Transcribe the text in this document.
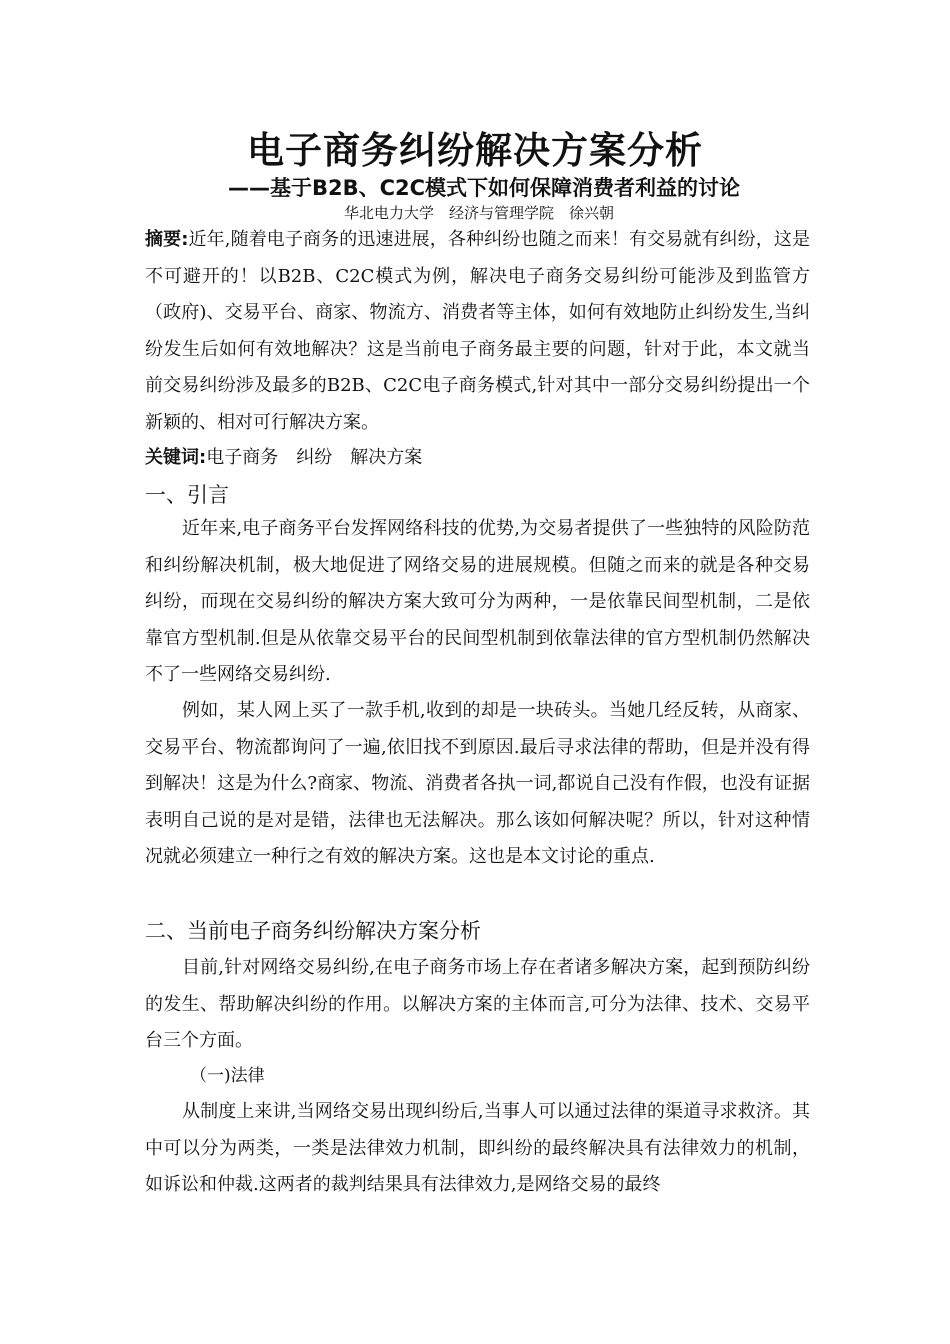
电子商务纠纷解决方案分析
——基于B2B、C2C模式下如何保障消费者利益的讨论
华北电力大学　经济与管理学院　徐兴朝

摘要:近年,随着电子商务的迅速进展，各种纠纷也随之而来！有交易就有纠纷，这是不可避开的！以B2B、C2C模式为例，解决电子商务交易纠纷可能涉及到监管方（政府)、交易平台、商家、物流方、消费者等主体，如何有效地防止纠纷发生,当纠纷发生后如何有效地解决？这是当前电子商务最主要的问题，针对于此，本文就当前交易纠纷涉及最多的B2B、C2C电子商务模式,针对其中一部分交易纠纷提出一个新颖的、相对可行解决方案。

关键词:电子商务　纠纷　解决方案

一、引言

近年来,电子商务平台发挥网络科技的优势,为交易者提供了一些独特的风险防范和纠纷解决机制，极大地促进了网络交易的进展规模。但随之而来的就是各种交易纠纷，而现在交易纠纷的解决方案大致可分为两种，一是依靠民间型机制，二是依靠官方型机制.但是从依靠交易平台的民间型机制到依靠法律的官方型机制仍然解决不了一些网络交易纠纷.

例如，某人网上买了一款手机,收到的却是一块砖头。当她几经反转，从商家、交易平台、物流都询问了一遍,依旧找不到原因.最后寻求法律的帮助，但是并没有得到解决！这是为什么?商家、物流、消费者各执一词,都说自己没有作假，也没有证据表明自己说的是对是错，法律也无法解决。那么该如何解决呢？所以，针对这种情况就必须建立一种行之有效的解决方案。这也是本文讨论的重点.

二、当前电子商务纠纷解决方案分析

目前,针对网络交易纠纷,在电子商务市场上存在者诸多解决方案，起到预防纠纷的发生、帮助解决纠纷的作用。以解决方案的主体而言,可分为法律、技术、交易平台三个方面。

（一)法律

从制度上来讲,当网络交易出现纠纷后,当事人可以通过法律的渠道寻求救济。其中可以分为两类，一类是法律效力机制，即纠纷的最终解决具有法律效力的机制，如诉讼和仲裁.这两者的裁判结果具有法律效力,是网络交易的最终
